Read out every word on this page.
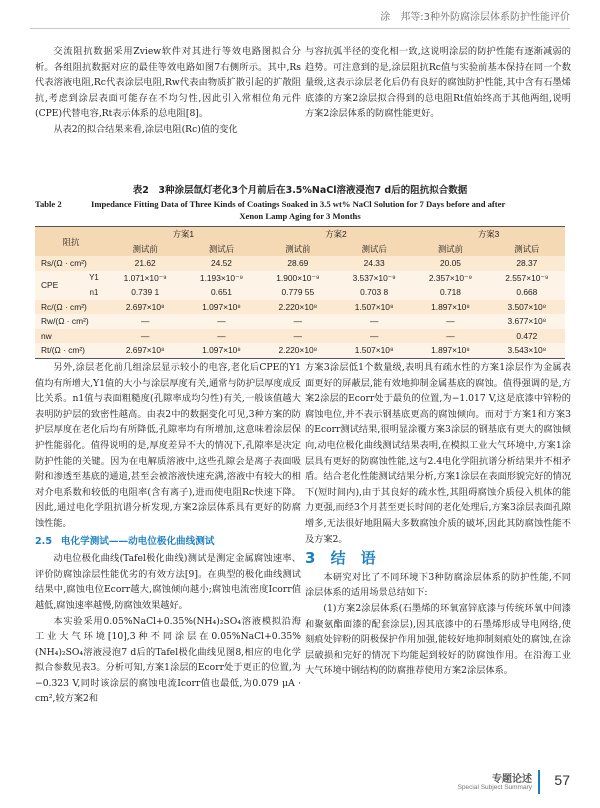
涂　邦等:3种外防腐涂层体系防护性能评价

交流阻抗数据采用Zview软件对其进行等效电路图拟合分析。各组阻抗数据对应的最佳等效电路如图7右侧所示。其中,Rs代表溶液电阻,Rc代表涂层电阻,Rw代表由物质扩散引起的扩散阻抗,考虑到涂层表面可能存在不均匀性,因此引入常相位角元件(CPE)代替电容,Rt表示体系的总电阻[8]。

从表2的拟合结果来看,涂层电阻(Rc)值的变化

与容抗弧半径的变化相一致,这说明涂层的防护性能有逐渐减弱的趋势。可注意到的是,涂层阻抗Rc值与实验前基本保持在同一个数量级,这表示涂层老化后仍有良好的腐蚀防护性能,其中含有石墨烯底漆的方案2涂层拟合得到的总电阻Rt值始终高于其他两组,说明方案2涂层体系的防腐性能更好。

表2　3种涂层氙灯老化3个月前后在3.5%NaCl溶液浸泡7 d后的阻抗拟合数据
Table 2	Impedance Fitting Data of Three Kinds of Coatings Soaked in 3.5 wt% NaCl Solution for 7 Days before and after
Xenon Lamp Aging for 3 Months
阻抗		方案1		方案2		方案3	
		测试前	测试后	测试前	测试后	测试前	测试后
Rs/(Ω · cm²)		21.62	24.52	28.69	24.33	20.05	28.37
CPE	Y1	1.071×10⁻⁹	1.193×10⁻⁹	1.900×10⁻⁹	3.537×10⁻⁹	2.357×10⁻⁹	2.557×10⁻⁹
	n1	0.739 1	0.651	0.779 55	0.703 8	0.718	0.668
Rc/(Ω · cm²)		2.697×10⁸	1.097×10⁸	2.220×10⁸	1.507×10⁸	1.897×10⁸	3.507×10⁸
Rw/(Ω · cm²)		—	—	—	—	—	3.677×10⁸
nw		—	—	—	—	—	0.472
Rt/(Ω · cm²)		2.697×10⁸	1.097×10⁸	2.220×10⁸	1.507×10⁸	1.897×10⁸	3.543×10⁸

另外,涂层老化前几组涂层显示较小的电容,老化后CPE的Y1值均有所增大,Y1值的大小与涂层厚度有关,通常与防护层厚度成反比关系。n1值与表面粗糙度(孔隙率成均匀性)有关,一般该值越大表明防护层的致密性越高。由表2中的数据变化可见,3种方案的防护层厚度在老化后均有所降低,孔隙率均有所增加,这意味着涂层保护性能弱化。值得说明的是,厚度差异不大的情况下,孔隙率是决定防护性能的关键。因为在电解质溶液中,这些孔隙会是离子表面吸附和渗透至基底的通道,甚至会被溶液快速充满,溶液中有较大的相对介电系数和较低的电阻率(含有离子),进而使电阻Rc快速下降。因此,通过电化学阻抗谱分析发现,方案2涂层体系具有更好的防腐蚀性能。

2.5 电化学测试——动电位极化曲线测试

动电位极化曲线(Tafel极化曲线)测试是测定金属腐蚀速率、评价防腐蚀涂层性能优劣的有效方法[9]。在典型的极化曲线测试结果中,腐蚀电位Ecorr越大,腐蚀倾向越小;腐蚀电流密度Icorr值越低,腐蚀速率越慢,防腐蚀效果越好。

本实验采用0.05%NaCl+0.35%(NH₄)₂SO₄溶液模拟沿海工业大气环境[10],3种不同涂层在0.05%NaCl+0.35%(NH₄)₂SO₄溶液浸泡7 d后的Tafel极化曲线见图8,相应的电化学拟合参数见表3。分析可知,方案1涂层的Ecorr处于更正的位置,为−0.323 V,同时该涂层的腐蚀电流Icorr值也最低,为0.079 μA · cm²,较方案2和

方案3涂层低1个数量级,表明具有疏水性的方案1涂层作为金属表面更好的屏蔽层,能有效地抑制金属基底的腐蚀。值得强调的是,方案2涂层的Ecorr处于最负的位置,为−1.017 V,这是底漆中锌粉的腐蚀电位,并不表示钢基底更高的腐蚀倾向。而对于方案1和方案3的Ecorr测试结果,很明显涂覆方案3涂层的钢基底有更大的腐蚀倾向,动电位极化曲线测试结果表明,在模拟工业大气环境中,方案1涂层具有更好的防腐蚀性能,这与2.4电化学阻抗谱分析结果并不相矛盾。结合老化性能测试结果分析,方案1涂层在表面形貌完好的情况下(短时间内),由于其良好的疏水性,其阻碍腐蚀介质侵入机体的能力更强,而经3个月甚至更长时间的老化处理后,方案3涂层表面孔隙增多,无法很好地阻隔大多数腐蚀介质的破坏,因此其防腐蚀性能不及方案2。

3 结　语

本研究对比了不同环境下3种防腐涂层体系的防护性能,不同涂层体系的适用场景总结如下:

(1)方案2涂层体系(石墨烯的环氧富锌底漆与传统环氧中间漆和聚氨酯面漆的配套涂层),因其底漆中的石墨烯形成导电网络,使刻痕处锌粉的阴极保护作用加强,能较好地抑制刻痕处的腐蚀,在涂层破损和完好的情况下均能起到较好的防腐蚀作用。在沿海工业大气环境中钢结构的防腐推荐使用方案2涂层体系。

专题论述
Special Subject Summary 57
